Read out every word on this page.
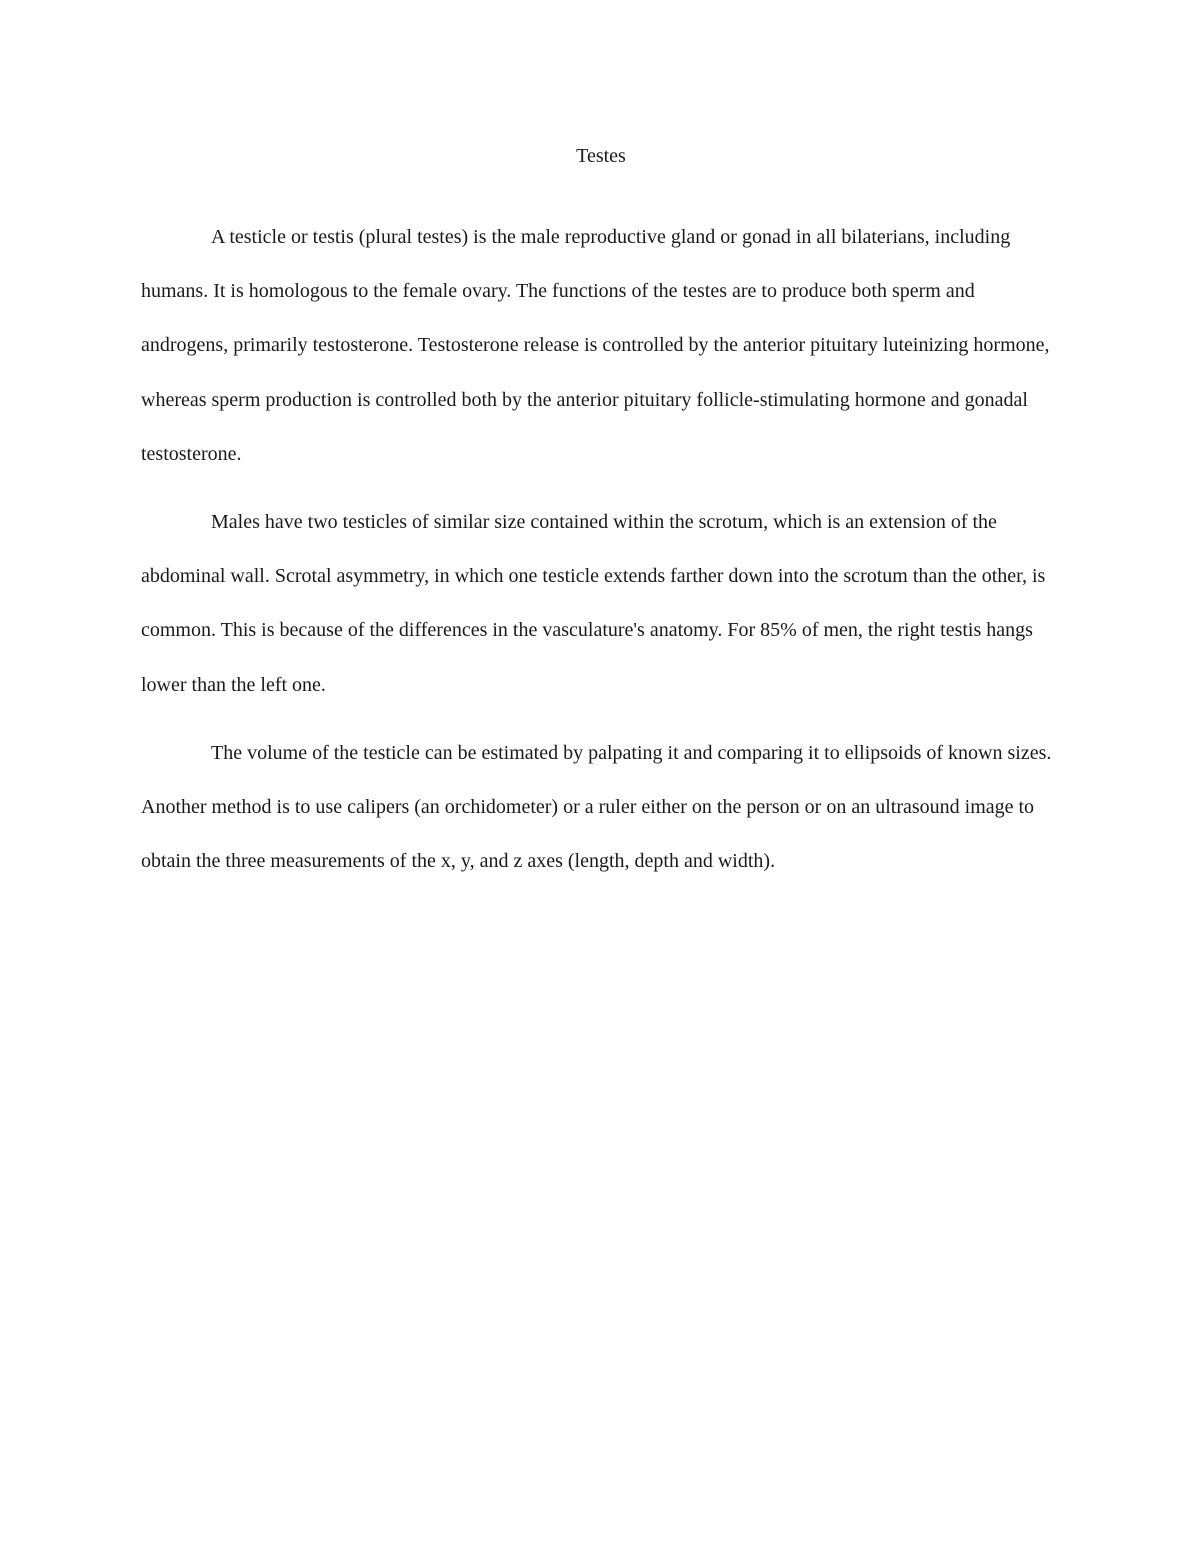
Testes

A testicle or testis (plural testes) is the male reproductive gland or gonad in all bilaterians, including humans. It is homologous to the female ovary. The functions of the testes are to produce both sperm and androgens, primarily testosterone. Testosterone release is controlled by the anterior pituitary luteinizing hormone, whereas sperm production is controlled both by the anterior pituitary follicle-stimulating hormone and gonadal testosterone.

Males have two testicles of similar size contained within the scrotum, which is an extension of the abdominal wall. Scrotal asymmetry, in which one testicle extends farther down into the scrotum than the other, is common. This is because of the differences in the vasculature's anatomy. For 85% of men, the right testis hangs lower than the left one.

The volume of the testicle can be estimated by palpating it and comparing it to ellipsoids of known sizes. Another method is to use calipers (an orchidometer) or a ruler either on the person or on an ultrasound image to obtain the three measurements of the x, y, and z axes (length, depth and width).
